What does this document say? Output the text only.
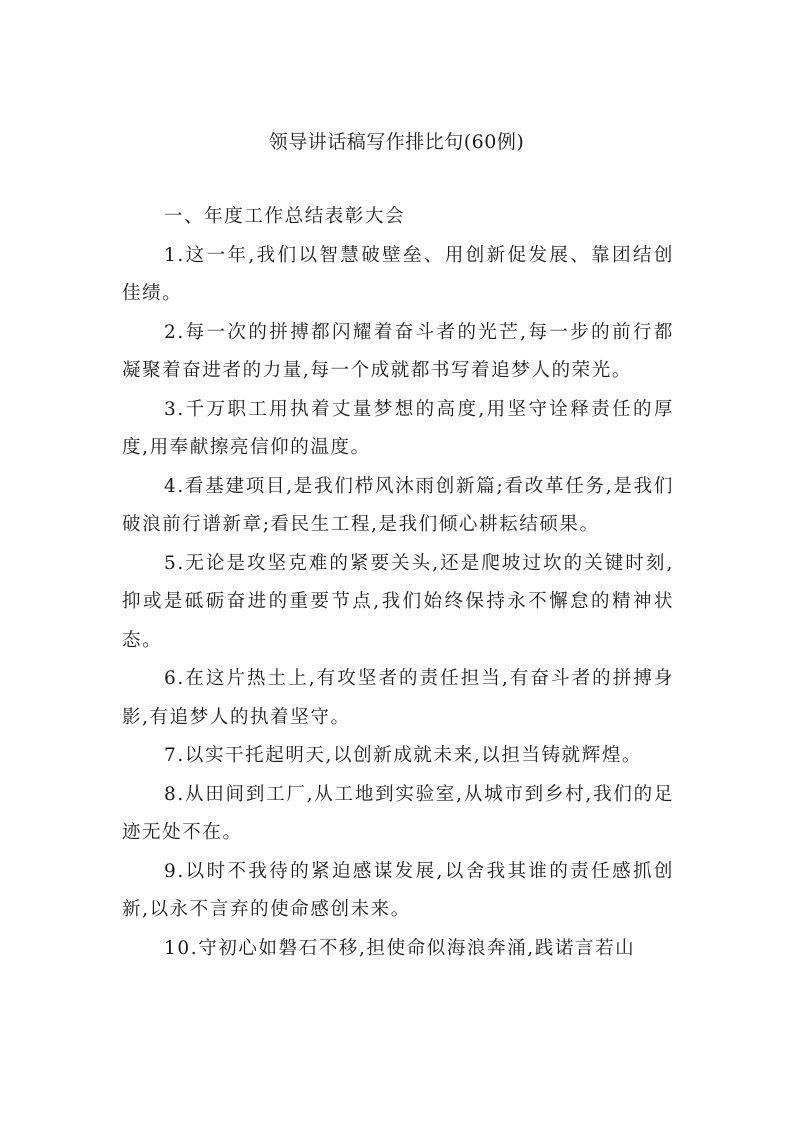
领导讲话稿写作排比句(60例)

一、年度工作总结表彰大会

1.这一年,我们以智慧破壁垒、用创新促发展、靠团结创佳绩。

2.每一次的拼搏都闪耀着奋斗者的光芒,每一步的前行都凝聚着奋进者的力量,每一个成就都书写着追梦人的荣光。

3.千万职工用执着丈量梦想的高度,用坚守诠释责任的厚度,用奉献擦亮信仰的温度。

4.看基建项目,是我们栉风沐雨创新篇;看改革任务,是我们破浪前行谱新章;看民生工程,是我们倾心耕耘结硕果。

5.无论是攻坚克难的紧要关头,还是爬坡过坎的关键时刻,抑或是砥砺奋进的重要节点,我们始终保持永不懈怠的精神状态。

6.在这片热土上,有攻坚者的责任担当,有奋斗者的拼搏身影,有追梦人的执着坚守。

7.以实干托起明天,以创新成就未来,以担当铸就辉煌。

8.从田间到工厂,从工地到实验室,从城市到乡村,我们的足迹无处不在。

9.以时不我待的紧迫感谋发展,以舍我其谁的责任感抓创新,以永不言弃的使命感创未来。

10.守初心如磐石不移,担使命似海浪奔涌,践诺言若山
